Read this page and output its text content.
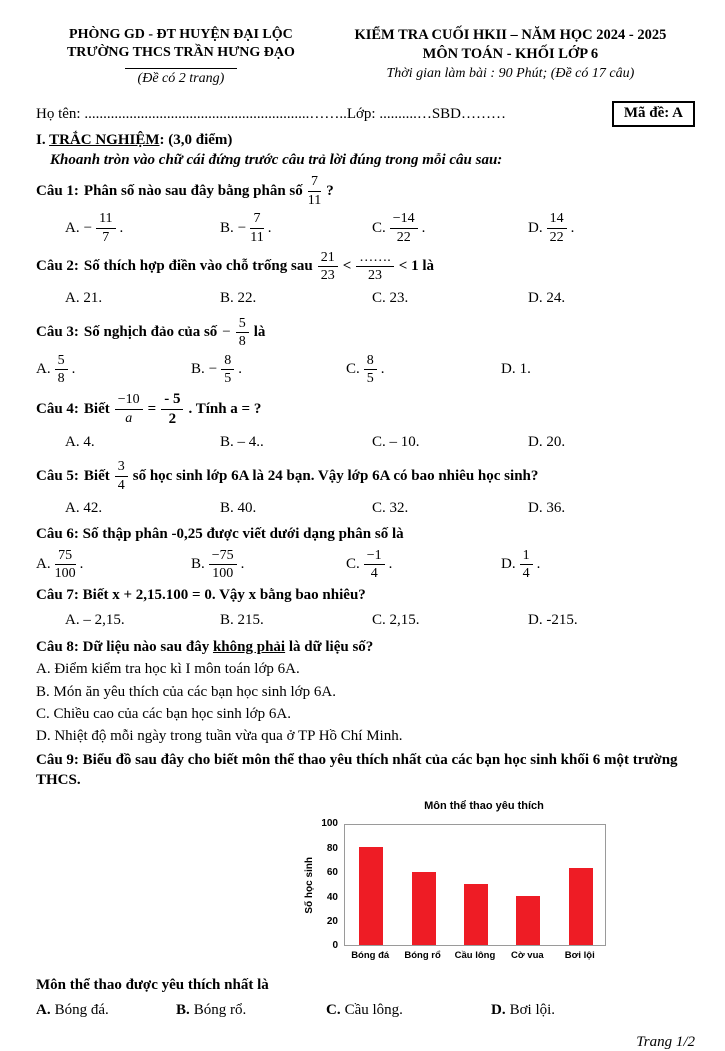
PHÒNG GD - ĐT HUYỆN ĐẠI LỘC
TRƯỜNG THCS TRẦN HƯNG ĐẠO
(Đề có 2 trang)
KIỂM TRA CUỐI HKII – NĂM HỌC 2024 - 2025
MÔN TOÁN - KHỐI LỚP 6
Thời gian làm bài : 90 Phút; (Đề có 17 câu)
Họ tên: ............................................................……..Lớp: ..........…SBD………	Mã đề: A
I. TRẮC NGHIỆM: (3,0 điểm)
Khoanh tròn vào chữ cái đứng trước câu trả lời đúng trong mỗi câu sau:
Câu 1: Phân số nào sau đây bằng phân số $\frac{7}{11}$ ?
A. − $\frac{11}{7}$ .	B. − $\frac{7}{11}$ .	C. $\frac{-14}{22}$ .	D. $\frac{14}{22}$ .
Câu 2: Số thích hợp điền vào chỗ trống sau $\frac{21}{23} < \frac{\dots\dots.}{23} < 1$ là
A. 21.	B. 22.	C. 23.	D. 24.
Câu 3: Số nghịch đảo của số − $\frac{5}{8}$ là
A. $\frac{5}{8}$ .	B. − $\frac{8}{5}$ .	C. $\frac{8}{5}$ .	D. 1.
Câu 4: Biết $\frac{-10}{a} = \frac{- 5}{2}$ . Tính a = ?
A. 4.	B. – 4..	C. – 10.	D. 20.
Câu 5: Biết $\frac{3}{4}$ số học sinh lớp 6A là 24 bạn. Vậy lớp 6A có bao nhiêu học sinh?
A. 42.	B. 40.	C. 32.	D. 36.
Câu 6: Số thập phân -0,25 được viết dưới dạng phân số là
A. $\frac{75}{100}$ .	B. $\frac{-75}{100}$ .	C. $\frac{-1}{4}$ .	D. $\frac{1}{4}$ .
Câu 7: Biết x + 2,15.100 = 0. Vậy x bằng bao nhiêu?
A. – 2,15.	B. 215.	C. 2,15.	D. -215.
Câu 8: Dữ liệu nào sau đây không phải là dữ liệu số?
A. Điểm kiểm tra học kì I môn toán lớp 6A.
B. Món ăn yêu thích của các bạn học sinh lớp 6A.
C. Chiều cao của các bạn học sinh lớp 6A.
D. Nhiệt độ mỗi ngày trong tuần vừa qua ở TP Hồ Chí Minh.
Câu 9: Biểu đồ sau đây cho biết môn thể thao yêu thích nhất của các bạn học sinh khối 6 một trường THCS.
Môn thể thao yêu thích
Số học sinh
0
20
40
60
80
100
Bóng đá	Bóng rổ	Cầu lông	Cờ vua	Bơi lội
Môn thể thao được yêu thích nhất là
A. Bóng đá.	B. Bóng rổ.	C. Cầu lông.	D. Bơi lội.
Trang 1/2
